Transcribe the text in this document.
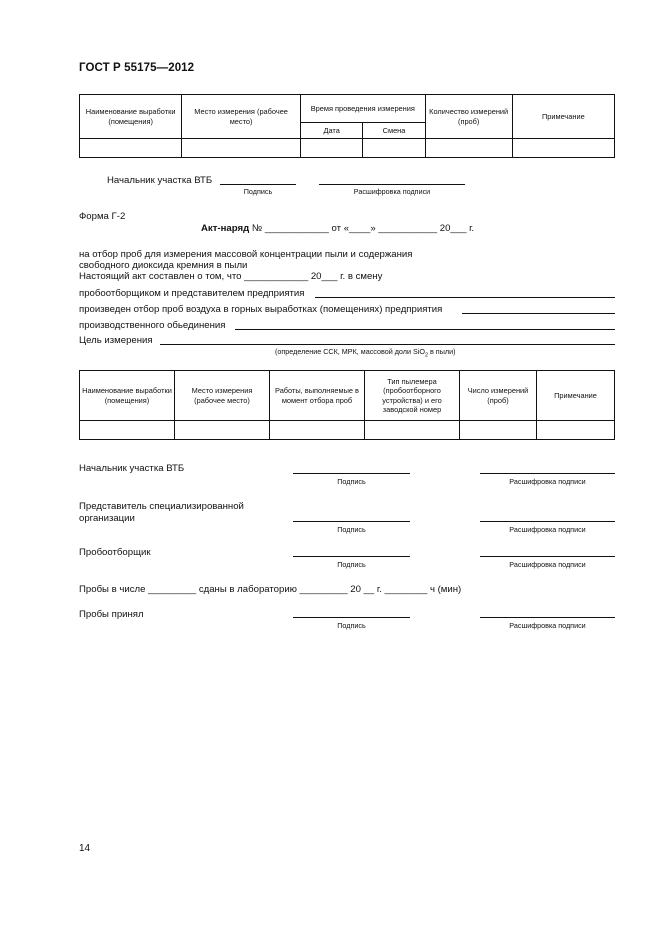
ГОСТ Р 55175—2012
Наименование выработки (помещения)	Место измерения (рабочее место)	Время проведения измерения		Количество измерений (проб)	Примечание
		Дата	Смена		

Начальник участка ВТБ
Подпись	Расшифровка подписи
Форма Г-2
Акт-наряд № ____________ от «____» ___________ 20___ г.
на отбор проб для измерения массовой концентрации пыли и содержания
свободного диоксида кремния в пыли
Настоящий акт составлен о том, что ____________ 20___ г. в смену
пробоотборщиком и представителем предприятия
произведен отбор проб воздуха в горных выработках (помещениях) предприятия
производственного обьединения
Цель измерения
(определение ССК, МРК, массовой доли SiO$_2$ в пыли)
Наименование выработки (помещения)	Место измерения (рабочее место)	Работы, выполняемые в момент отбора проб	Тип пылемера (пробоотборного устройства) и его заводской номер	Число измерений (проб)	Примечание

Начальник участка ВТБ
Подпись	Расшифровка подписи
Представитель специализированной
организации
Подпись	Расшифровка подписи
Пробоотборщик
Подпись	Расшифровка подписи
Пробы в числе _________ сданы в лабораторию _________ 20 __ г. ________ ч (мин)
Пробы принял
Подпись	Расшифровка подписи
14
